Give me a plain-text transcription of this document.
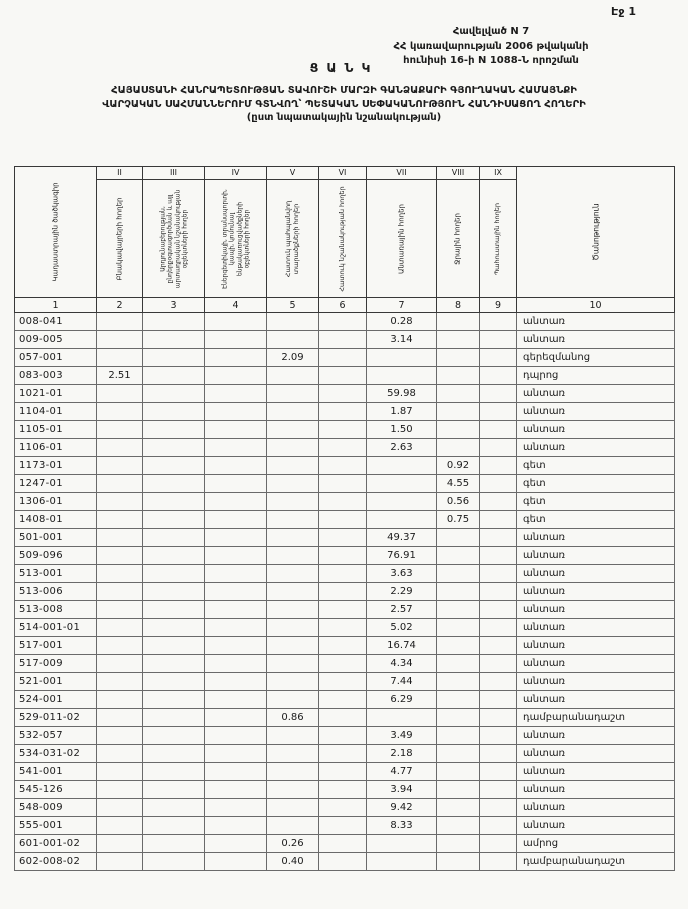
Էջ 1
Հավելված N 7
ՀՀ կառավարության 2006 թվականի
հունիսի 16-ի N 1088-Ն որոշման
ՑԱՆԿ
ՀԱՅԱՍՏԱՆԻ ՀԱՆՐԱՊԵՏՈՒԹՅԱՆ ՏԱՎՈՒՇԻ ՄԱՐԶԻ ԳԱՆՁԱՔԱՐԻ ԳՅՈՒՂԱԿԱՆ ՀԱՄԱՅՆՔԻ
ՎԱՐՉԱԿԱՆ ՍԱՀՄԱՆՆԵՐՈՒՄ ԳՏՆՎՈՂ՝ ՊԵՏԱԿԱՆ ՍԵՓԱԿԱՆՈՒԹՅՈՒՆ ՀԱՆԴԻՍԱՑՈՂ ՀՈՂԵՐԻ
(ըստ նպատակային նշանակության)
Կադաստրային ծածկագիր	II	III	IV	V	VI	VII	VIII	IX	Ծանոթություն

	Բնակավայրերի հողեր	Արդյունաբերության, ընդերքօգտագործման և այլ արտադրական նշանակության օբյեկտների հողեր	Էներգետիկայի, տրանսպորտի, կապի, կոմունալ ենթակառուցվածքների օբյեկտների հողեր	Հատուկ պահպանվող տարածքների հողեր	Հատուկ նշանակության հողեր	Անտառային հողեր	Ջրային հողեր	Պահուստային հողեր	

1	2	3	4	5	6	7	8	9	10
008-041						0.28			անտառ
009-005						3.14			անտառ
057-001				2.09					գերեզմանոց
083-003	2.51								դպրոց
1021-01						59.98			անտառ
1104-01						1.87			անտառ
1105-01						1.50			անտառ
1106-01						2.63			անտառ
1173-01							0.92		գետ
1247-01							4.55		գետ
1306-01							0.56		գետ
1408-01							0.75		գետ
501-001						49.37			անտառ
509-096						76.91			անտառ
513-001						3.63			անտառ
513-006						2.29			անտառ
513-008						2.57			անտառ
514-001-01						5.02			անտառ
517-001						16.74			անտառ
517-009						4.34			անտառ
521-001						7.44			անտառ
524-001						6.29			անտառ
529-011-02				0.86					դամբարանադաշտ
532-057						3.49			անտառ
534-031-02						2.18			անտառ
541-001						4.77			անտառ
545-126						3.94			անտառ
548-009						9.42			անտառ
555-001						8.33			անտառ
601-001-02				0.26					ամրոց
602-008-02				0.40					դամբարանադաշտ
